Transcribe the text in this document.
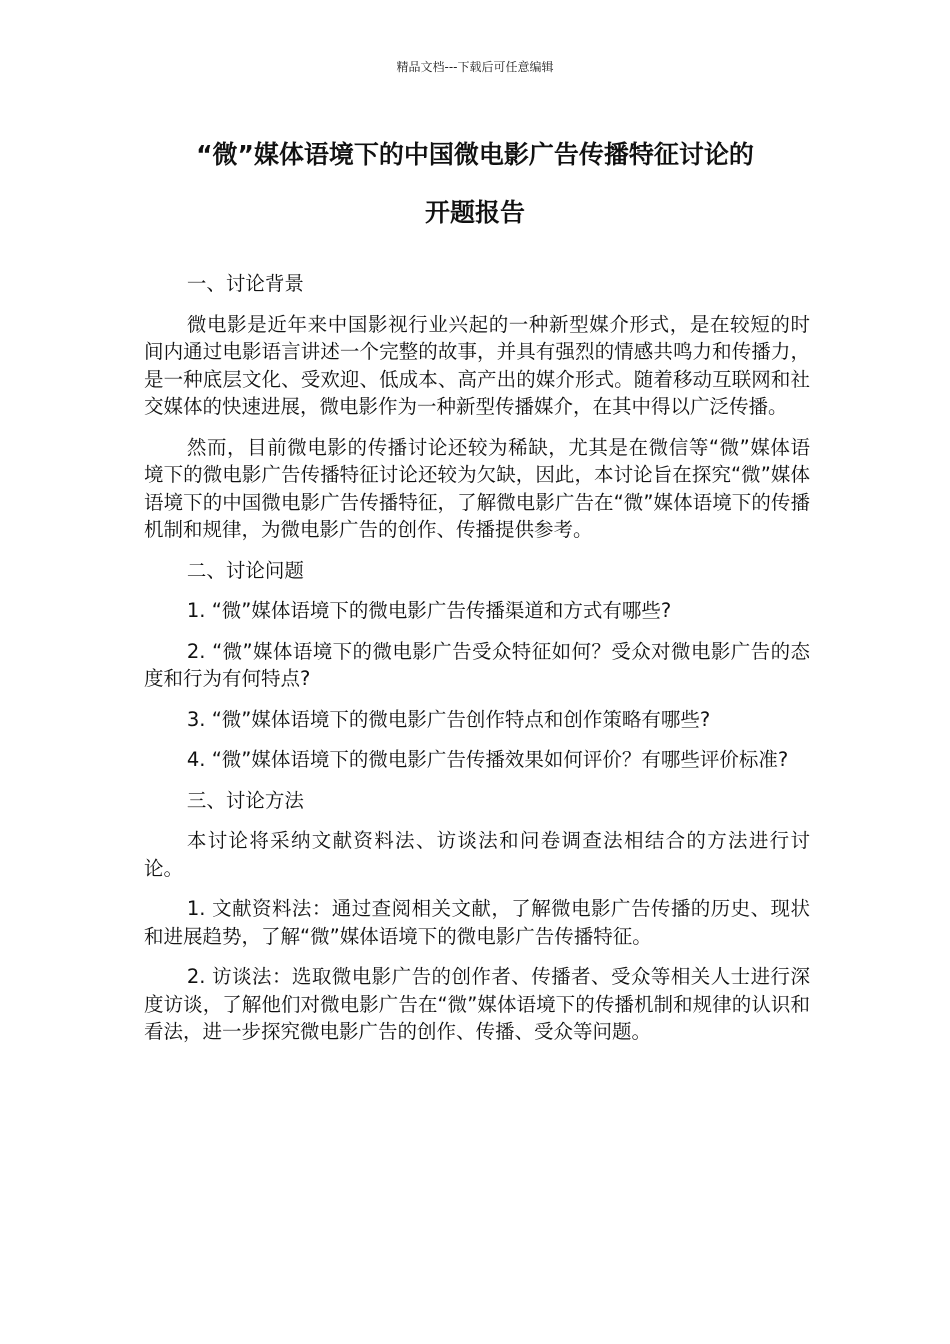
精品文档---下载后可任意编辑
“微”媒体语境下的中国微电影广告传播特征讨论的
开题报告

一、讨论背景

微电影是近年来中国影视行业兴起的一种新型媒介形式，是在较短的时间内通过电影语言讲述一个完整的故事，并具有强烈的情感共鸣力和传播力，是一种底层文化、受欢迎、低成本、高产出的媒介形式。随着移动互联网和社交媒体的快速进展，微电影作为一种新型传播媒介，在其中得以广泛传播。

然而，目前微电影的传播讨论还较为稀缺，尤其是在微信等“微”媒体语境下的微电影广告传播特征讨论还较为欠缺，因此，本讨论旨在探究“微”媒体语境下的中国微电影广告传播特征，了解微电影广告在“微”媒体语境下的传播机制和规律，为微电影广告的创作、传播提供参考。

二、讨论问题

1. “微”媒体语境下的微电影广告传播渠道和方式有哪些?

2. “微”媒体语境下的微电影广告受众特征如何？受众对微电影广告的态度和行为有何特点?

3. “微”媒体语境下的微电影广告创作特点和创作策略有哪些?

4. “微”媒体语境下的微电影广告传播效果如何评价？有哪些评价标准?

三、讨论方法

本讨论将采纳文献资料法、访谈法和问卷调查法相结合的方法进行讨论。

1. 文献资料法：通过查阅相关文献，了解微电影广告传播的历史、现状和进展趋势，了解“微”媒体语境下的微电影广告传播特征。

2. 访谈法：选取微电影广告的创作者、传播者、受众等相关人士进行深度访谈，了解他们对微电影广告在“微”媒体语境下的传播机制和规律的认识和看法，进一步探究微电影广告的创作、传播、受众等问题。
